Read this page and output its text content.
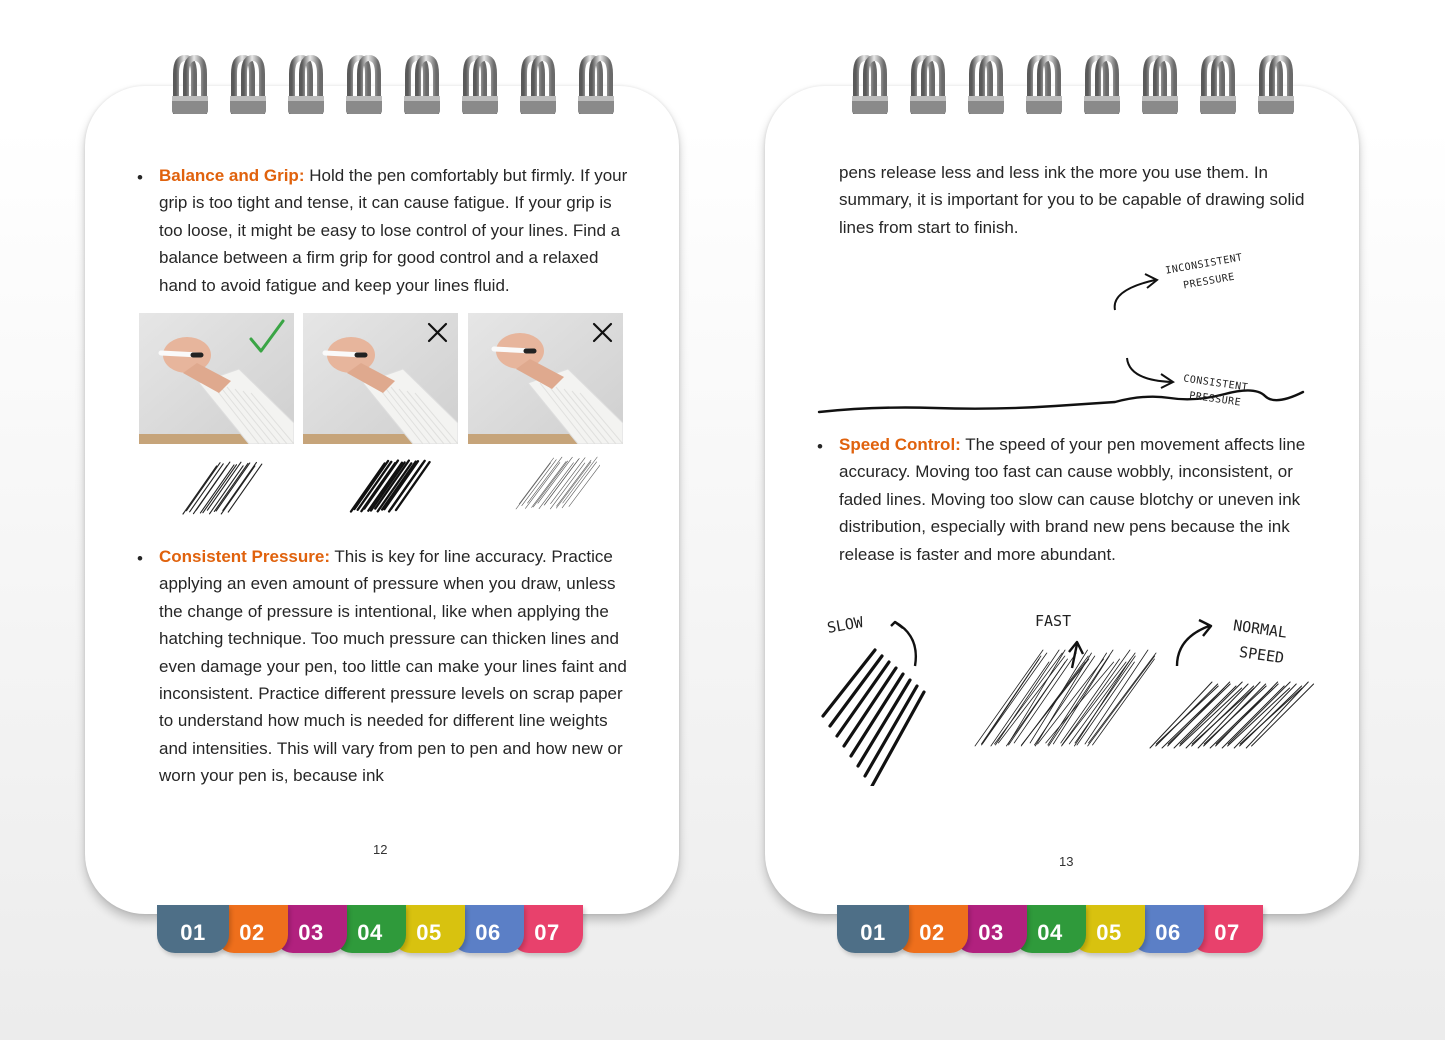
07
06
05
04
03
02
01
• Balance and Grip: Hold the pen comfortably but firmly. If your grip is too tight and tense, it can cause fatigue. If your grip is too loose, it might be easy to lose control of your lines. Find a balance between a firm grip for good control and a relaxed hand to avoid fatigue and keep your lines fluid.
• Consistent Pressure: This is key for line accuracy. Practice applying an even amount of pressure when you draw, unless the change of pressure is intentional, like when applying the hatching technique. Too much pressure can thicken lines and even damage your pen, too little can make your lines faint and inconsistent. Practice different pressure levels on scrap paper to understand how much is needed for different line weights and intensities. This will vary from pen to pen and how new or worn your pen is, because ink
12
07
06
05
04
03
02
01
pens release less and less ink the more you use them. In summary, it is important for you to be capable of drawing solid lines from start to finish.
INCONSISTENT
PRESSURE
CONSISTENT
PRESSURE
• Speed Control: The speed of your pen movement affects line accuracy. Moving too fast can cause wobbly, inconsistent, or faded lines. Moving too slow can cause blotchy or uneven ink distribution, especially with brand new pens because the ink release is faster and more abundant.
SLOW	FAST	NORMAL
SPEED
13
